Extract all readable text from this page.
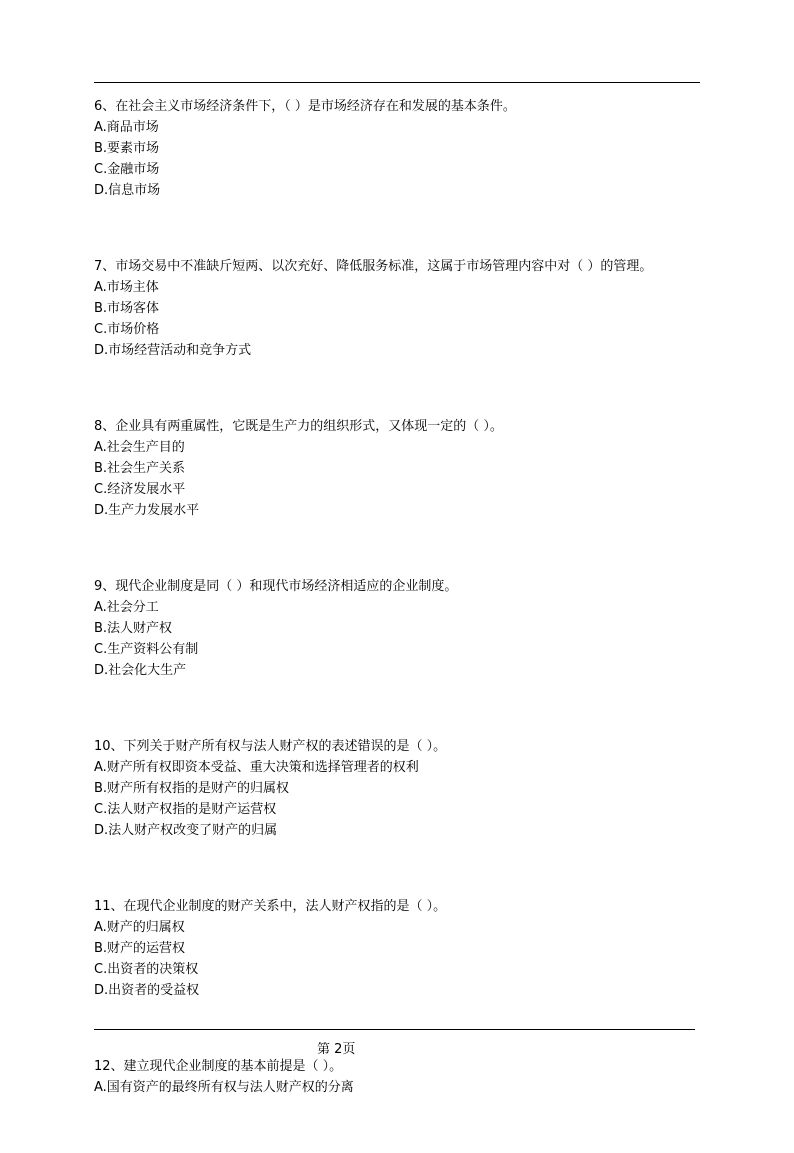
6、在社会主义市场经济条件下，（ ）是市场经济存在和发展的基本条件。
A.商品市场
B.要素市场
C.金融市场
D.信息市场
7、市场交易中不准缺斤短两、以次充好、降低服务标准，这属于市场管理内容中对（ ）的管理。
A.市场主体
B.市场客体
C.市场价格
D.市场经营活动和竞争方式
8、企业具有两重属性，它既是生产力的组织形式，又体现一定的（ ）。
A.社会生产目的
B.社会生产关系
C.经济发展水平
D.生产力发展水平
9、现代企业制度是同（ ）和现代市场经济相适应的企业制度。
A.社会分工
B.法人财产权
C.生产资料公有制
D.社会化大生产
10、下列关于财产所有权与法人财产权的表述错误的是（ ）。
A.财产所有权即资本受益、重大决策和选择管理者的权利
B.财产所有权指的是财产的归属权
C.法人财产权指的是财产运营权
D.法人财产权改变了财产的归属
11、在现代企业制度的财产关系中，法人财产权指的是（ ）。
A.财产的归属权
B.财产的运营权
C.出资者的决策权
D.出资者的受益权
12、建立现代企业制度的基本前提是（ ）。
A.国有资产的最终所有权与法人财产权的分离
第 2页
